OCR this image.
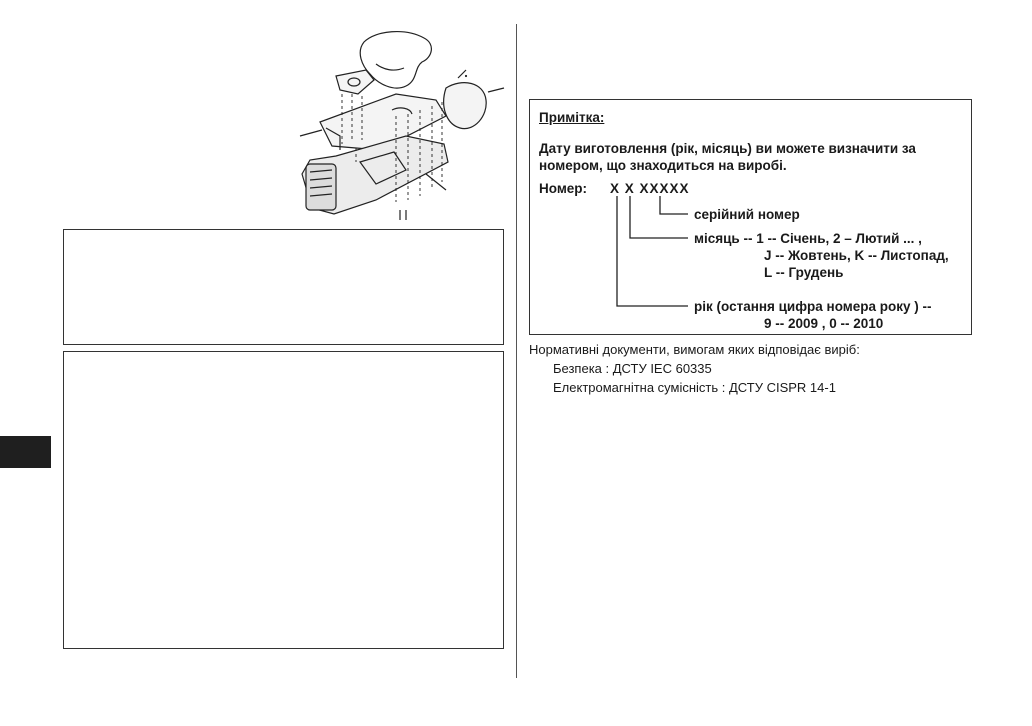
Примітка:
Дату виготовлення (рік, місяць) ви можете визначити за
номером, що знаходиться на виробі.
Номер: X X XXXXX
серійний номер
місяць -- 1 -- Січень, 2 – Лютий ... ,
J -- Жовтень, K -- Листопад,
L -- Грудень
рік (остання цифра номера року ) --
9 -- 2009 , 0 -- 2010
Нормативні документи, вимогам яких відповідає виріб:
Безпека : ДСТУ IEC 60335
Електромагнітна сумісність : ДСТУ CISPR 14-1
